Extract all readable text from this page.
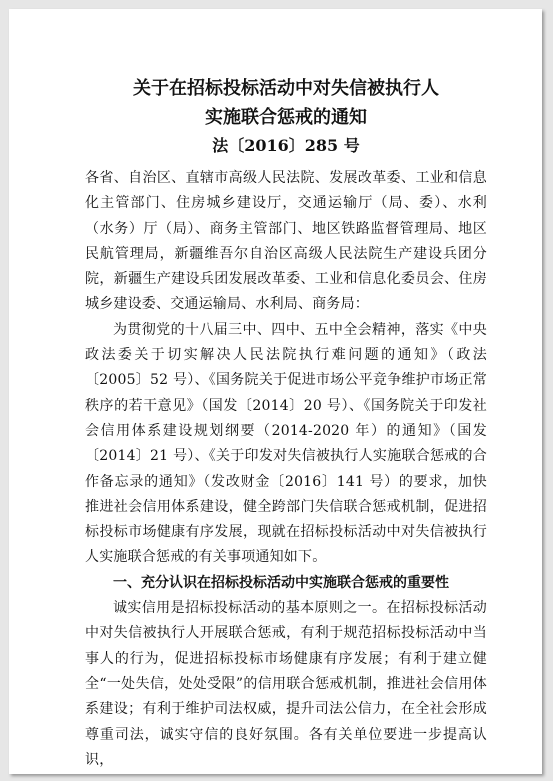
关于在招标投标活动中对失信被执行人

实施联合惩戒的通知

法〔2016〕285 号

各省、自治区、直辖市高级人民法院、发展改革委、工业和信息化主管部门、住房城乡建设厅，交通运输厅（局、委）、水利（水务）厅（局）、商务主管部门、地区铁路监督管理局、地区民航管理局，新疆维吾尔自治区高级人民法院生产建设兵团分院，新疆生产建设兵团发展改革委、工业和信息化委员会、住房城乡建设委、交通运输局、水利局、商务局：

为贯彻党的十八届三中、四中、五中全会精神，落实《中央政法委关于切实解决人民法院执行难问题的通知》（政法〔2005〕52 号）、《国务院关于促进市场公平竞争维护市场正常秩序的若干意见》（国发〔2014〕20 号）、《国务院关于印发社会信用体系建设规划纲要（2014-2020 年）的通知》（国发〔2014〕21 号）、《关于印发对失信被执行人实施联合惩戒的合作备忘录的通知》（发改财金〔2016〕141 号）的要求，加快推进社会信用体系建设，健全跨部门失信联合惩戒机制，促进招标投标市场健康有序发展，现就在招标投标活动中对失信被执行人实施联合惩戒的有关事项通知如下。

一、充分认识在招标投标活动中实施联合惩戒的重要性

诚实信用是招标投标活动的基本原则之一。在招标投标活动中对失信被执行人开展联合惩戒，有利于规范招标投标活动中当事人的行为，促进招标投标市场健康有序发展；有利于建立健全“一处失信，处处受限”的信用联合惩戒机制，推进社会信用体系建设；有利于维护司法权威，提升司法公信力，在全社会形成尊重司法，诚实守信的良好氛围。各有关单位要进一步提高认识，
